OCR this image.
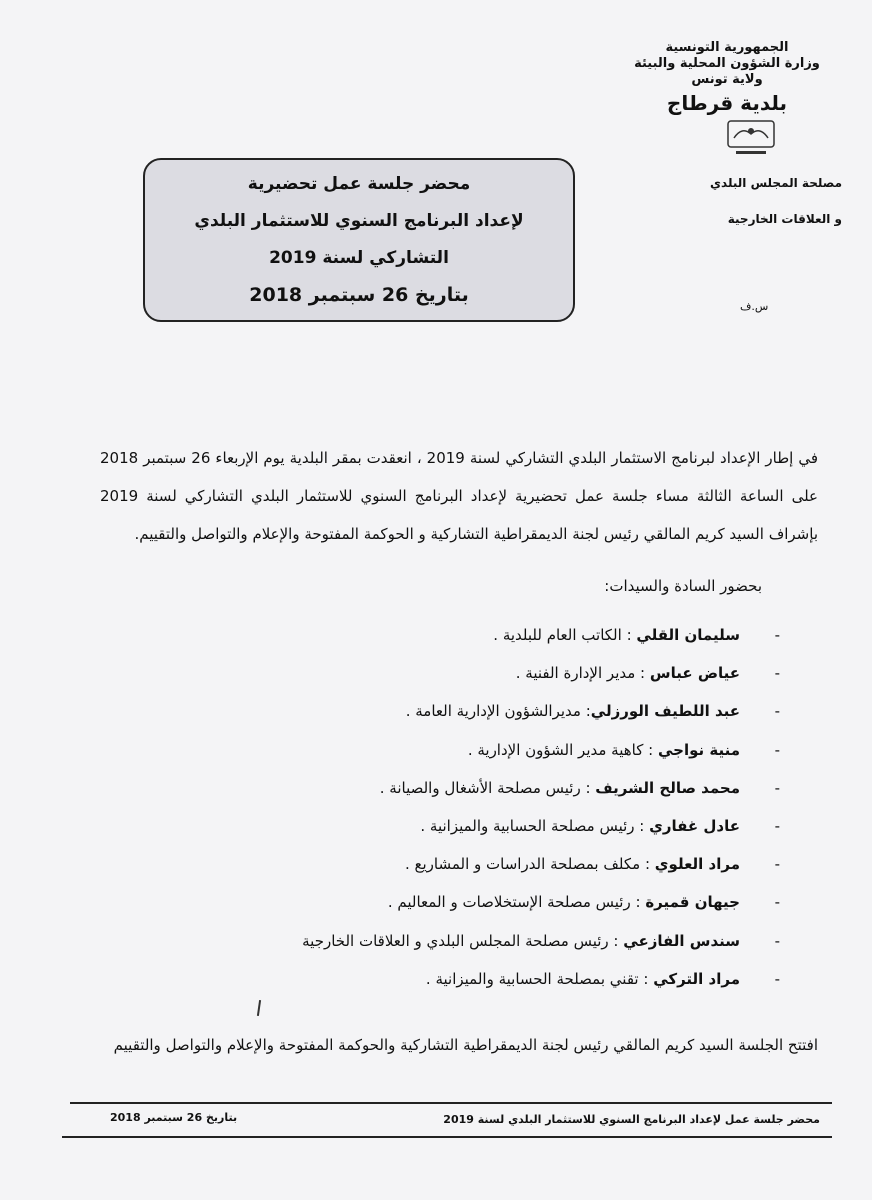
الجمهورية التونسية
وزارة الشؤون المحلية والبيئة
ولاية تونس
بلدية قرطاج
مصلحة المجلس البلدي
و العلاقات الخارجية
س.ف
محضر جلسة عمل تحضيرية
لإعداد البرنامج السنوي للاستثمار البلدي
التشاركي لسنة 2019
بتاريخ 26 سبتمبر 2018

في إطار الإعداد لبرنامج الاستثمار البلدي التشاركي لسنة 2019 ، انعقدت بمقر البلدية يوم الإربعاء 26 سبتمبر 2018 على الساعة الثالثة مساء جلسة عمل تحضيرية لإعداد البرنامج السنوي للاستثمار البلدي التشاركي لسنة 2019 بإشراف السيد كريم المالقي رئيس لجنة الديمقراطية التشاركية و الحوكمة المفتوحة والإعلام والتواصل والتقييم.

بحضور السادة والسيدات:
-سليمان القلي : الكاتب العام للبلدية .
-عياض عباس : مدير الإدارة الفنية .
-عبد اللطيف الورزلي: مديرالشؤون الإدارية العامة .
-منية نواجي : كاهية مدير الشؤون الإدارية .
-محمد صالح الشريف : رئيس مصلحة الأشغال والصيانة .
-عادل غفاري : رئيس مصلحة الحسابية والميزانية .
-مراد العلوي : مكلف بمصلحة الدراسات و المشاريع .
-جيهان قميرة : رئيس مصلحة الإستخلاصات و المعاليم .
-سندس الفازعي : رئيس مصلحة المجلس البلدي و العلاقات الخارجية
-مراد التركي : تقني بمصلحة الحسابية والميزانية .
افتتح الجلسة السيد كريم المالقي رئيس لجنة الديمقراطية التشاركية والحوكمة المفتوحة والإعلام والتواصل والتقييم
محضر جلسة عمل لإعداد البرنامج السنوي للاستثمار البلدي لسنة 2019
بتاريخ 26 سبتمبر 2018
